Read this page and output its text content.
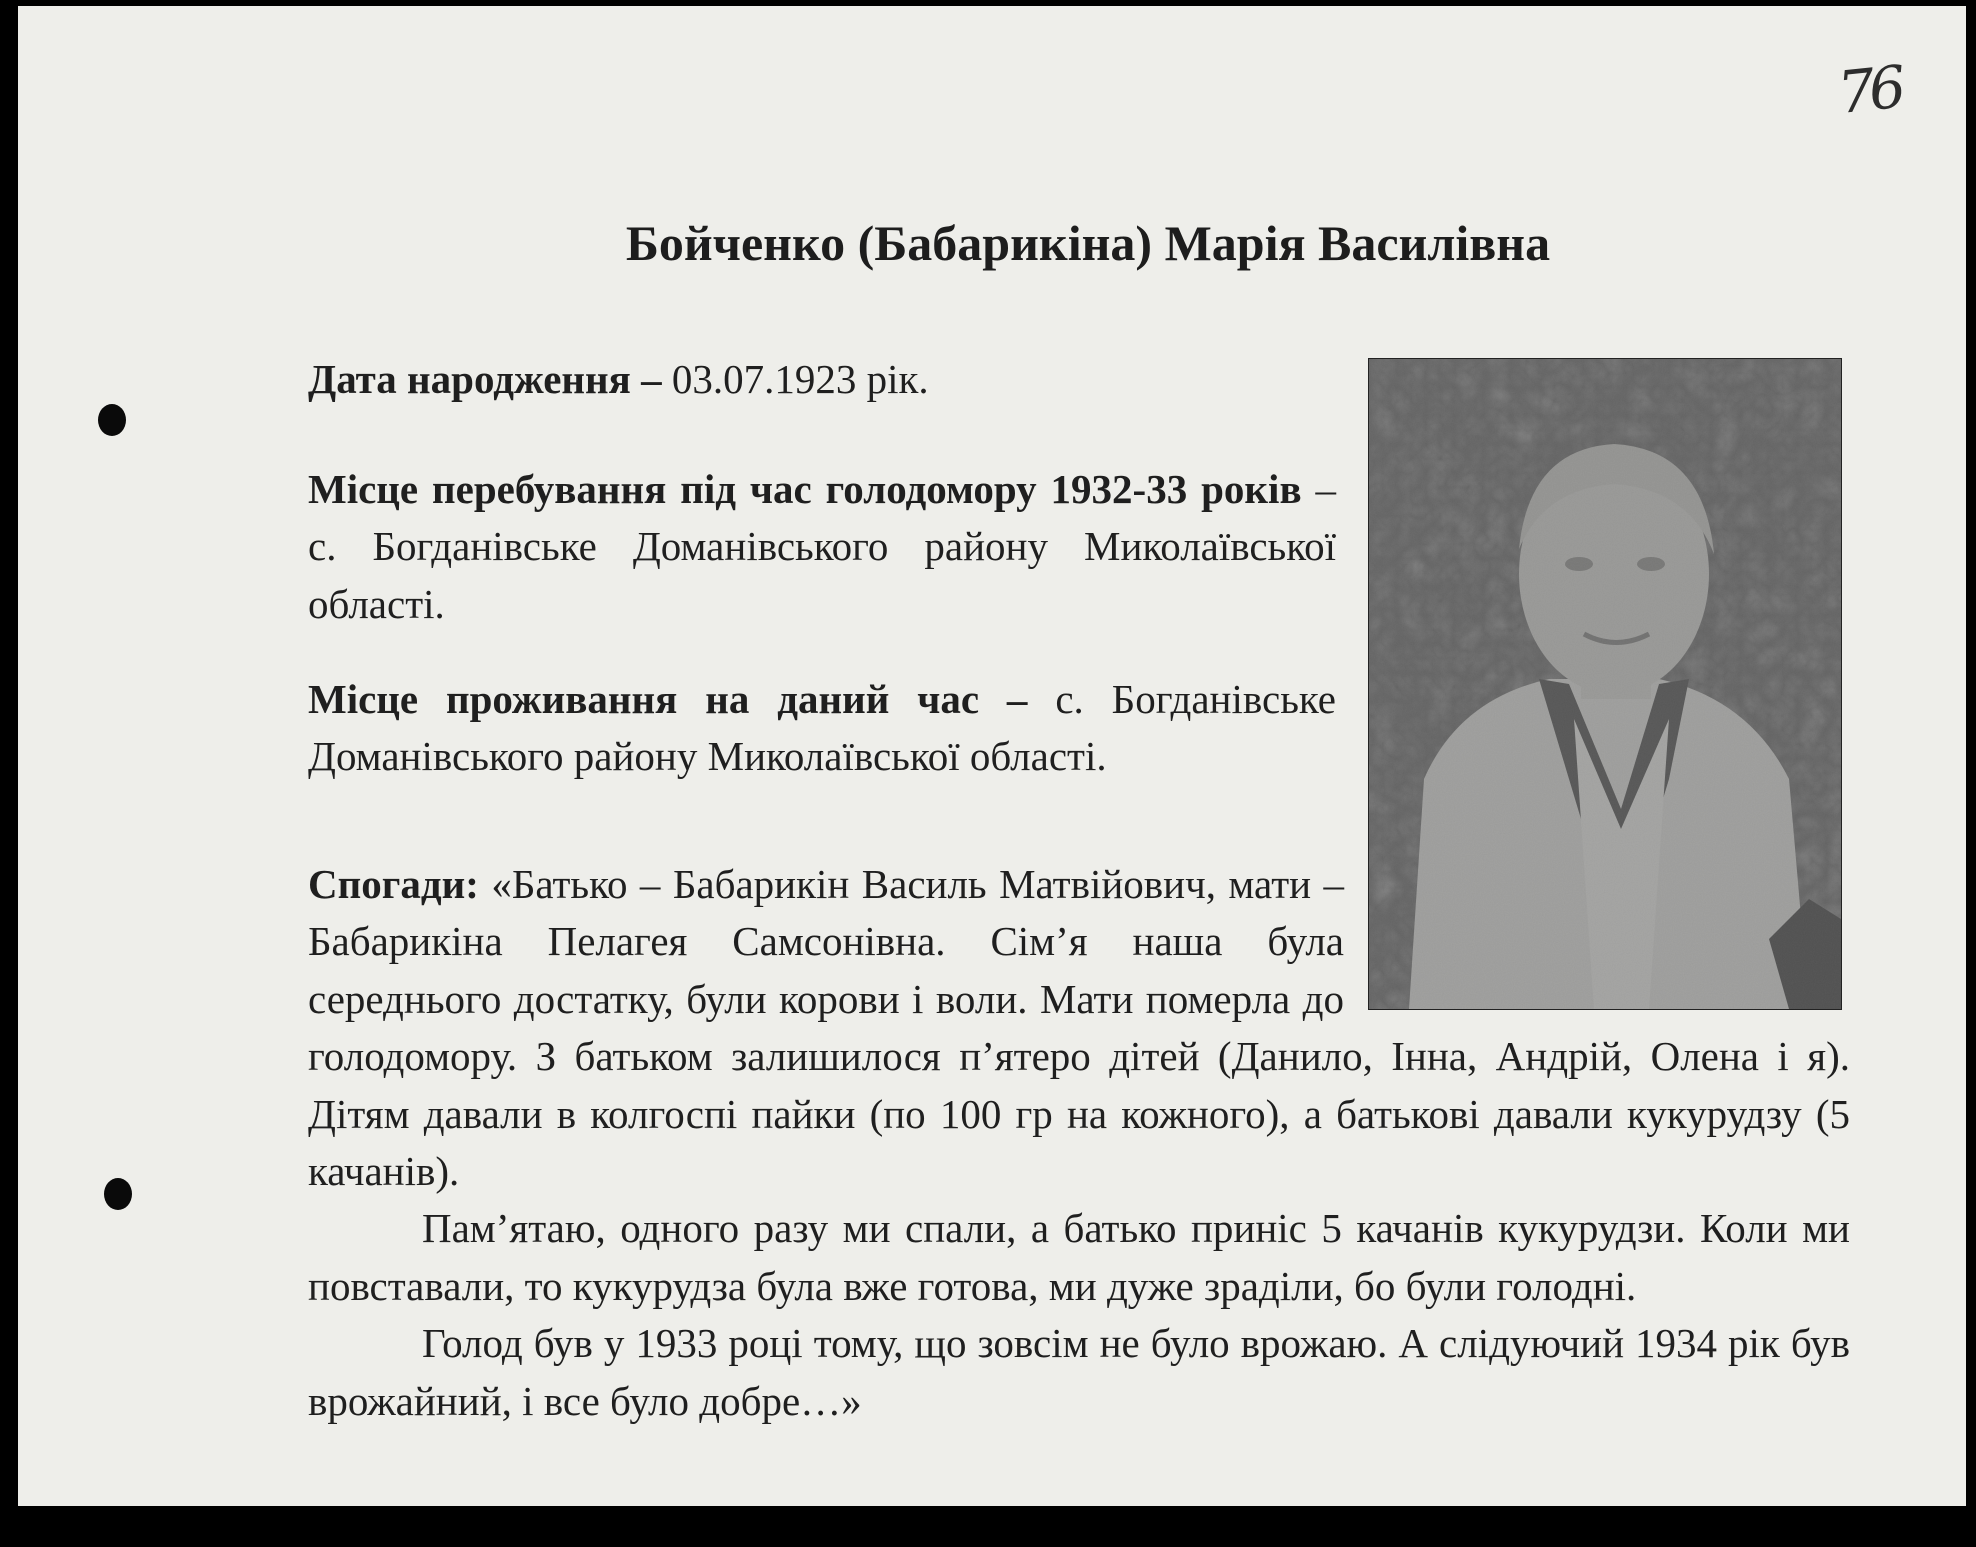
76
Бойченко (Бабарикіна) Марія Василівна

Дата народження – 03.07.1923 рік.

Місце перебування під час голодомору 1932-33 років – с. Богданівське Доманівського району Миколаївської області.

Місце проживання на даний час – с. Богданівське Доманівського району Миколаївської області.

Спогади: «Батько – Бабарикін Василь Матвійович, мати – Бабарикіна Пелагея Самсонівна. Сім’я наша була середнього достатку, були корови і воли. Мати померла до голодомору. З батьком залишилося п’ятеро дітей (Данило, Інна, Андрій, Олена і я). Дітям давали в колгоспі пайки (по 100 гр на кожного), а батькові давали кукурудзу (5 качанів).

Пам’ятаю, одного разу ми спали, а батько приніс 5 качанів кукурудзи. Коли ми повставали, то кукурудза була вже готова, ми дуже зраділи, бо були голодні.

Голод був у 1933 році тому, що зовсім не було врожаю. А слідуючий 1934 рік був врожайний, і все було добре…»
